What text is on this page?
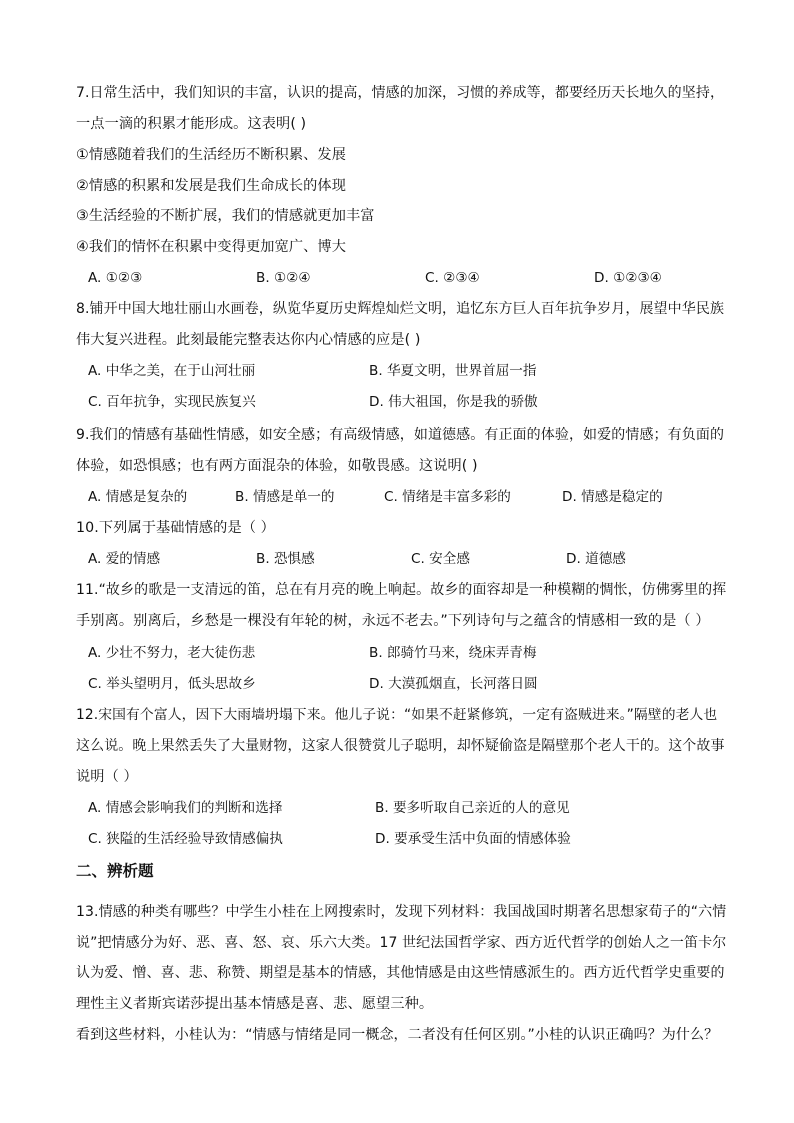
7.日常生活中，我们知识的丰富，认识的提高，情感的加深，习惯的养成等，都要经历天长地久的坚持，
一点一滴的积累才能形成。这表明( )
①情感随着我们的生活经历不断积累、发展
②情感的积累和发展是我们生命成长的体现
③生活经验的不断扩展，我们的情感就更加丰富
④我们的情怀在积累中变得更加宽广、博大
A. ①②③	B. ①②④	C. ②③④	D. ①②③④
8.铺开中国大地壮丽山水画卷，纵览华夏历史辉煌灿烂文明，追忆东方巨人百年抗争岁月，展望中华民族
伟大复兴进程。此刻最能完整表达你内心情感的应是( )
A. 中华之美，在于山河壮丽	B. 华夏文明，世界首屈一指
C. 百年抗争，实现民族复兴	D. 伟大祖国，你是我的骄傲
9.我们的情感有基础性情感，如安全感；有高级情感，如道德感。有正面的体验，如爱的情感；有负面的
体验，如恐惧感；也有两方面混杂的体验，如敬畏感。这说明( )
A. 情感是复杂的	B. 情感是单一的	C. 情绪是丰富多彩的	D. 情感是稳定的
10.下列属于基础情感的是（ ）
A. 爱的情感	B. 恐惧感	C. 安全感	D. 道德感
11.“故乡的歌是一支清远的笛，总在有月亮的晚上响起。故乡的面容却是一种模糊的惆怅，仿佛雾里的挥
手别离。别离后，乡愁是一棵没有年轮的树，永远不老去。”下列诗句与之蕴含的情感相一致的是（ ）
A. 少壮不努力，老大徒伤悲	B. 郎骑竹马来，绕床弄青梅
C. 举头望明月，低头思故乡	D. 大漠孤烟直，长河落日圆
12.宋国有个富人，因下大雨墙坍塌下来。他儿子说：“如果不赶紧修筑，一定有盗贼进来。”隔壁的老人也
这么说。晚上果然丢失了大量财物，这家人很赞赏儿子聪明，却怀疑偷盗是隔壁那个老人干的。这个故事
说明（ ）
A. 情感会影响我们的判断和选择	B. 要多听取自己亲近的人的意见
C. 狭隘的生活经验导致情感偏执	D. 要承受生活中负面的情感体验
二、辨析题
13.情感的种类有哪些？中学生小桂在上网搜索时，发现下列材料：我国战国时期著名思想家荀子的“六情
说”把情感分为好、恶、喜、怒、哀、乐六大类。17 世纪法国哲学家、西方近代哲学的创始人之一笛卡尔
认为爱、憎、喜、悲、称赞、期望是基本的情感，其他情感是由这些情感派生的。西方近代哲学史重要的
理性主义者斯宾诺莎提出基本情感是喜、悲、愿望三种。
看到这些材料，小桂认为：“情感与情绪是同一概念，二者没有任何区别。”小桂的认识正确吗？为什么？
